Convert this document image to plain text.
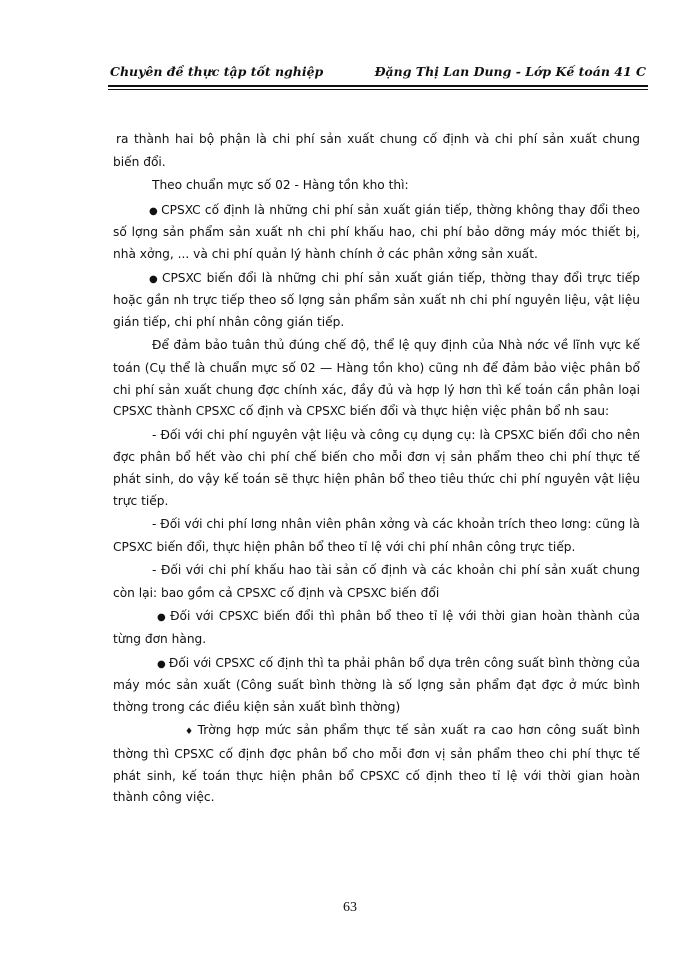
Chuyên đề thực tập tốt nghiệp	Đặng Thị Lan Dung - Lớp Kế toán 41 C

ra thành hai bộ phận là chi phí sản xuất chung cố định và chi phí sản xuất chung biến đổi.

Theo chuẩn mực số 02 - Hàng tồn kho thì:

● CPSXC cố định là những chi phí sản xuất gián tiếp, thờng không thay đổi theo số lợng sản phẩm sản xuất nh chi phí khấu hao, chi phí bảo dỡng máy móc thiết bị, nhà xởng, ... và chi phí quản lý hành chính ở các phân xởng sản xuất.

● CPSXC biến đổi là những chi phí sản xuất gián tiếp, thờng thay đổi trực tiếp hoặc gần nh trực tiếp theo số lợng sản phẩm sản xuất nh chi phí nguyên liệu, vật liệu gián tiếp, chi phí nhân công gián tiếp.

Để đảm bảo tuân thủ đúng chế độ, thể lệ quy định của Nhà nớc về lĩnh vực kế toán (Cụ thể là chuẩn mực số 02 — Hàng tồn kho) cũng nh để đảm bảo việc phân bổ chi phí sản xuất chung đợc chính xác, đầy đủ và hợp lý hơn thì kế toán cần phân loại CPSXC thành CPSXC cố định và CPSXC biến đổi và thực hiện việc phân bổ nh sau:

- Đối với chi phí nguyên vật liệu và công cụ dụng cụ: là CPSXC biến đổi cho nên đợc phân bổ hết vào chi phí chế biến cho mỗi đơn vị sản phẩm theo chi phí thực tế phát sinh, do vậy kế toán sẽ thực hiện phân bổ theo tiêu thức chi phí nguyên vật liệu trực tiếp.

- Đối với chi phí lơng nhân viên phân xởng và các khoản trích theo lơng: cũng là CPSXC biến đổi, thực hiện phân bổ theo tỉ lệ với chi phí nhân công trực tiếp.

- Đối với chi phí khấu hao tài sản cố định và các khoản chi phí sản xuất chung còn lại: bao gồm cả CPSXC cố định và CPSXC biến đổi

● Đối với CPSXC biến đổi thì phân bổ theo tỉ lệ với thời gian hoàn thành của từng đơn hàng.

● Đối với CPSXC cố định thì ta phải phân bổ dựa trên công suất bình thờng của máy móc sản xuất (Công suất bình thờng là số lợng sản phẩm đạt đợc ở mức bình thờng trong các điều kiện sản xuất bình thờng)

♦ Trờng hợp mức sản phẩm thực tế sản xuất ra cao hơn công suất bình thờng thì CPSXC cố định đợc phân bổ cho mỗi đơn vị sản phẩm theo chi phí thực tế phát sinh, kế toán thực hiện phân bổ CPSXC cố định theo tỉ lệ với thời gian hoàn thành công việc.

63
